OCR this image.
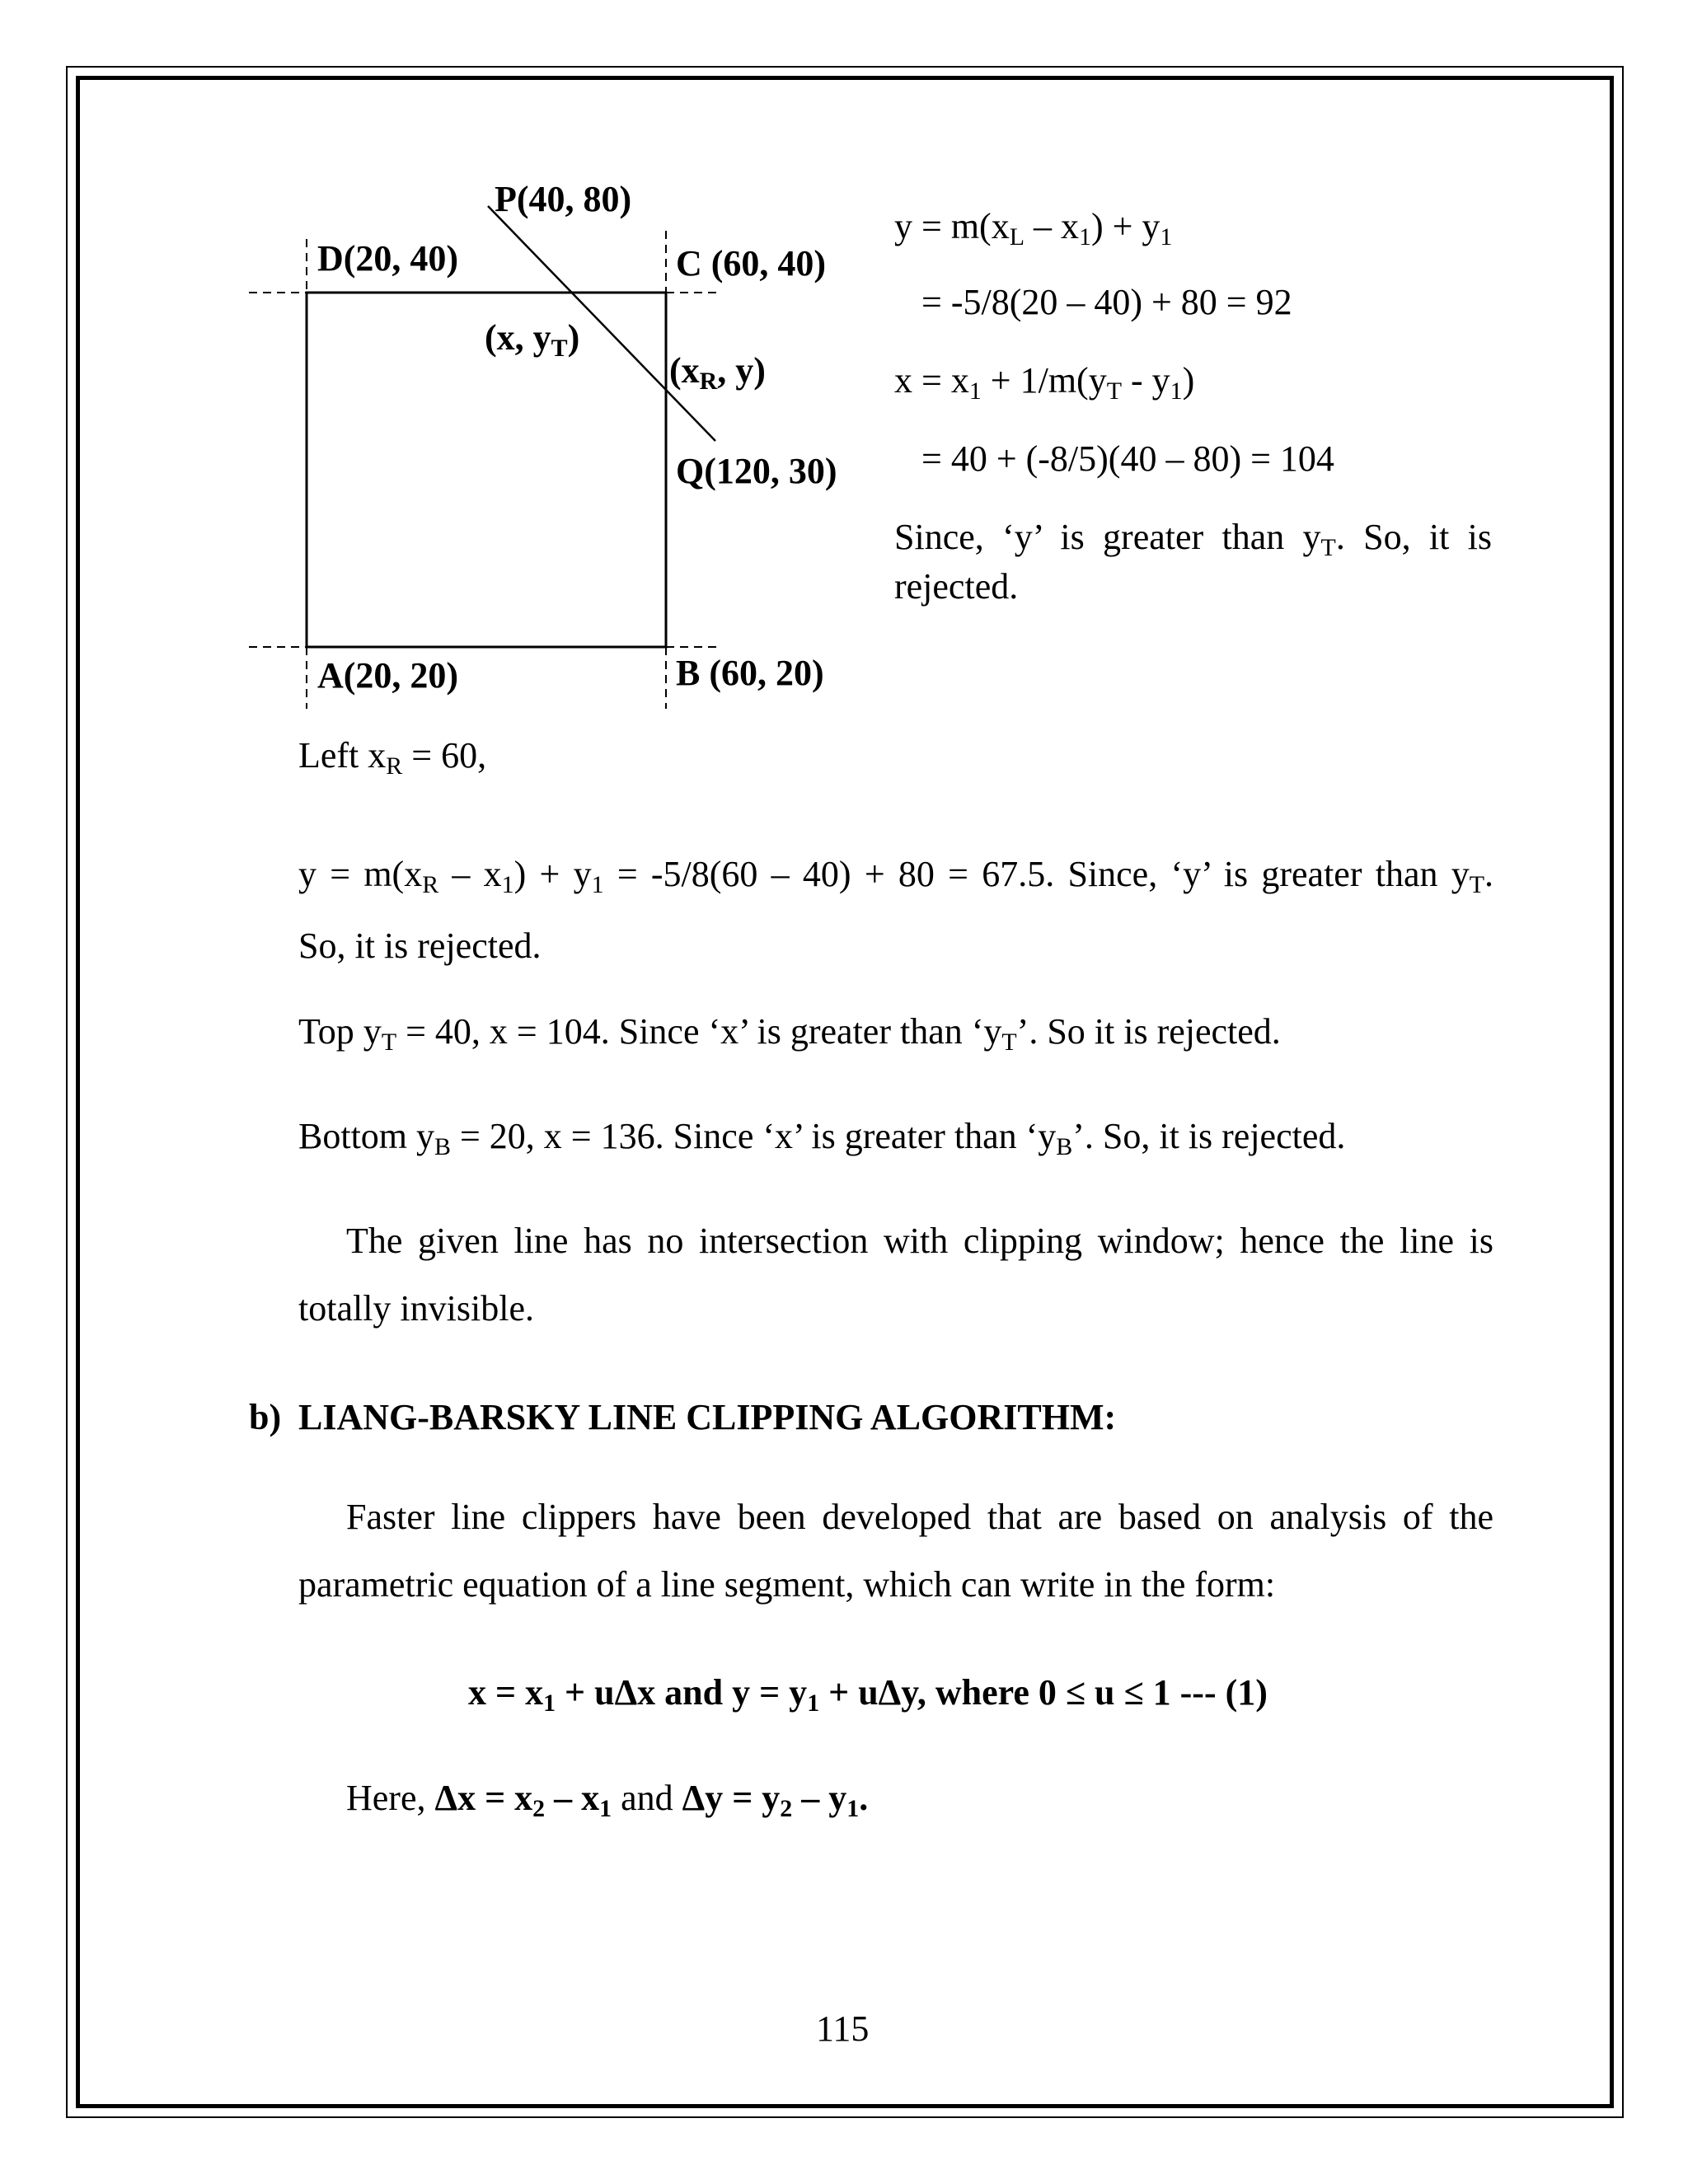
P(40, 80)
D(20, 40)	C (60, 40)
(x, $y_T$)
($x_R$, y)
Q(120, 30)
A(20, 20)	B (60, 20)
$y = m(x_L - x_1) + y_1$
= -5/8(20 – 40) + 80 = 92
$x = x_1 + 1/m(y_T - y_1)$
= 40 + (-8/5)(40 – 80) = 104
Since, ‘y’ is greater than $y_T$. So, it is
rejected.
Left $x_R = 60$,
$y = m(x_R - x_1) + y_1 = -5/8(60 - 40) + 80 = 67.5$. Since, ‘y’ is greater than $y_T$.
So, it is rejected.
Top $y_T = 40$, x = 104. Since ‘x’ is greater than ‘$y_T$’. So it is rejected.
Bottom $y_B = 20$, x = 136. Since ‘x’ is greater than ‘$y_B$’. So, it is rejected.
The given line has no intersection with clipping window; hence the line is totally invisible.
b) LIANG-BARSKY LINE CLIPPING ALGORITHM:
Faster line clippers have been developed that are based on analysis of the parametric equation of a line segment, which can write in the form:
$x = x_1 + u\Delta x$ and $y = y_1 + u\Delta y$, where 0 ≤ u ≤ 1 --- (1)
Here, $\Delta x = x_2 - x_1$ and $\Delta y = y_2 - y_1$.
115
